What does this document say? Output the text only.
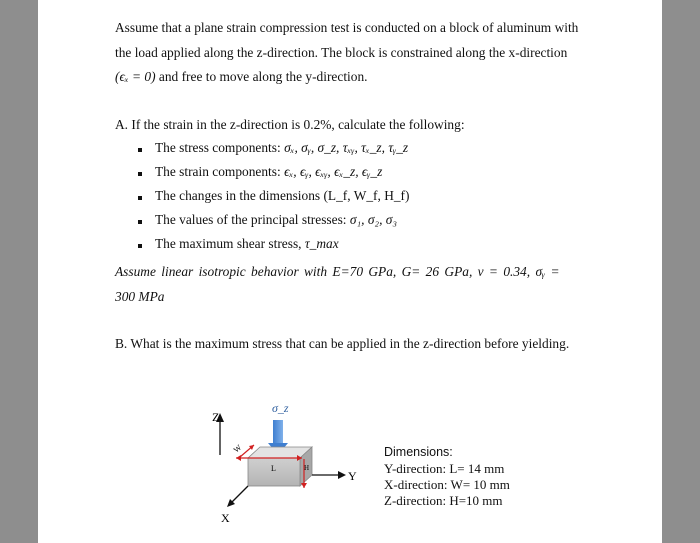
Assume that a plane strain compression test is conducted on a block of aluminum with
the load applied along the z-direction. The block is constrained along the x-direction
(ϵₓ = 0) and free to move along the y-direction.
A. If the strain in the z-direction is 0.2%, calculate the following:
The stress components: σₓ, σᵧ, σ_z, τₓᵧ, τₓ_z, τᵧ_z
The strain components: ϵₓ, ϵᵧ, ϵₓᵧ, ϵₓ_z, ϵᵧ_z
The changes in the dimensions (L_f, W_f, H_f)
The values of the principal stresses: σ₁, σ₂, σ₃
The maximum shear stress, τ_max
Assume linear isotropic behavior with E=70 GPa, G= 26 GPa, ν = 0.34, σᵧ =
300 MPa
B. What is the maximum stress that can be applied in the z-direction before yielding.
Z
σ_z
L
W
H
Y
X
Dimensions:
Y-direction: L= 14 mm
X-direction: W= 10 mm
Z-direction: H=10 mm
